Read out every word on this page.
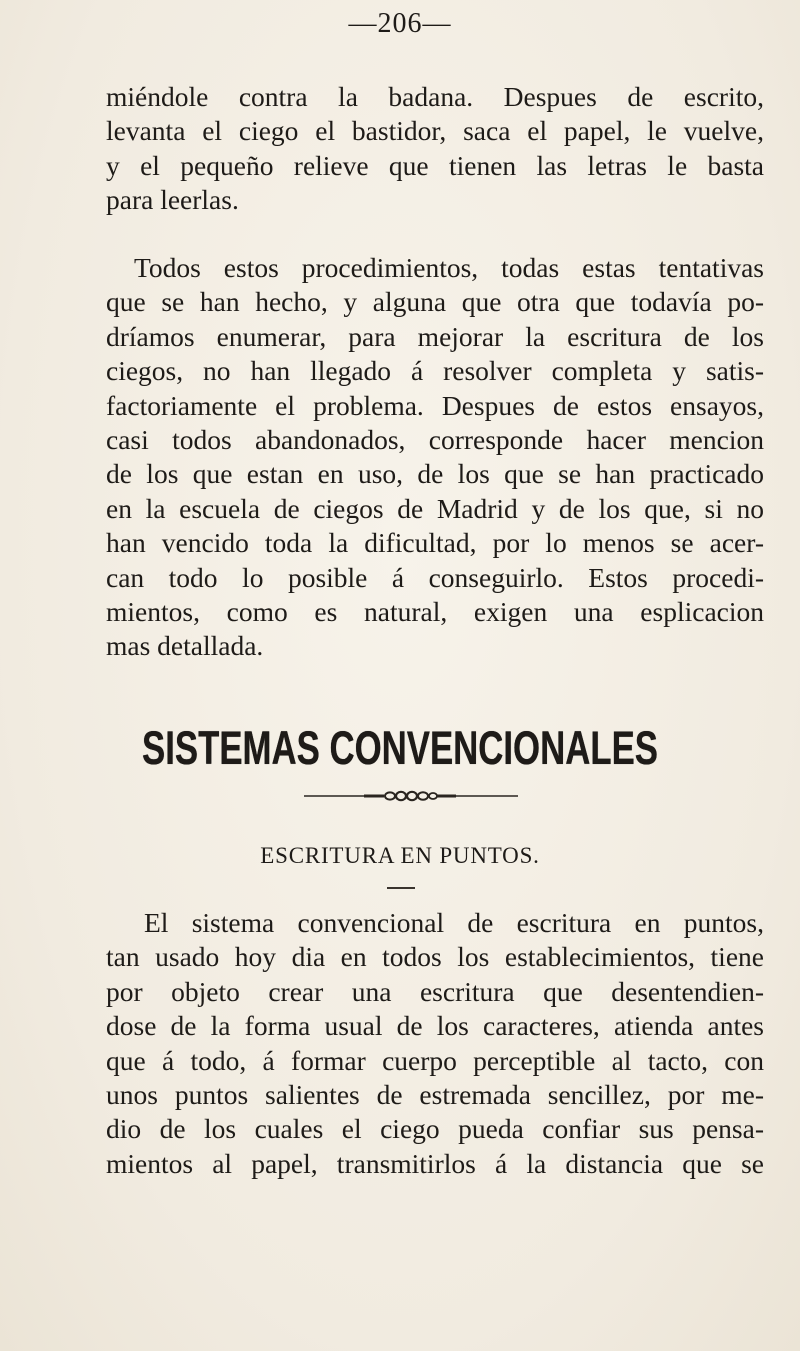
—206—
miéndole contra la badana. Despues de escrito,
levanta el ciego el bastidor, saca el papel, le vuelve,
y el pequeño relieve que tienen las letras le basta
para leerlas.
Todos estos procedimientos, todas estas tentativas
que se han hecho, y alguna que otra que todavía po-
dríamos enumerar, para mejorar la escritura de los
ciegos, no han llegado á resolver completa y satis-
factoriamente el problema. Despues de estos ensayos,
casi todos abandonados, corresponde hacer mencion
de los que estan en uso, de los que se han practicado
en la escuela de ciegos de Madrid y de los que, si no
han vencido toda la dificultad, por lo menos se acer-
can todo lo posible á conseguirlo. Estos procedi-
mientos, como es natural, exigen una esplicacion
mas detallada.
SISTEMAS CONVENCIONALES
ESCRITURA EN PUNTOS.
El sistema convencional de escritura en puntos,
tan usado hoy dia en todos los establecimientos, tiene
por objeto crear una escritura que desentendien-
dose de la forma usual de los caracteres, atienda antes
que á todo, á formar cuerpo perceptible al tacto, con
unos puntos salientes de estremada sencillez, por me-
dio de los cuales el ciego pueda confiar sus pensa-
mientos al papel, transmitirlos á la distancia que se
